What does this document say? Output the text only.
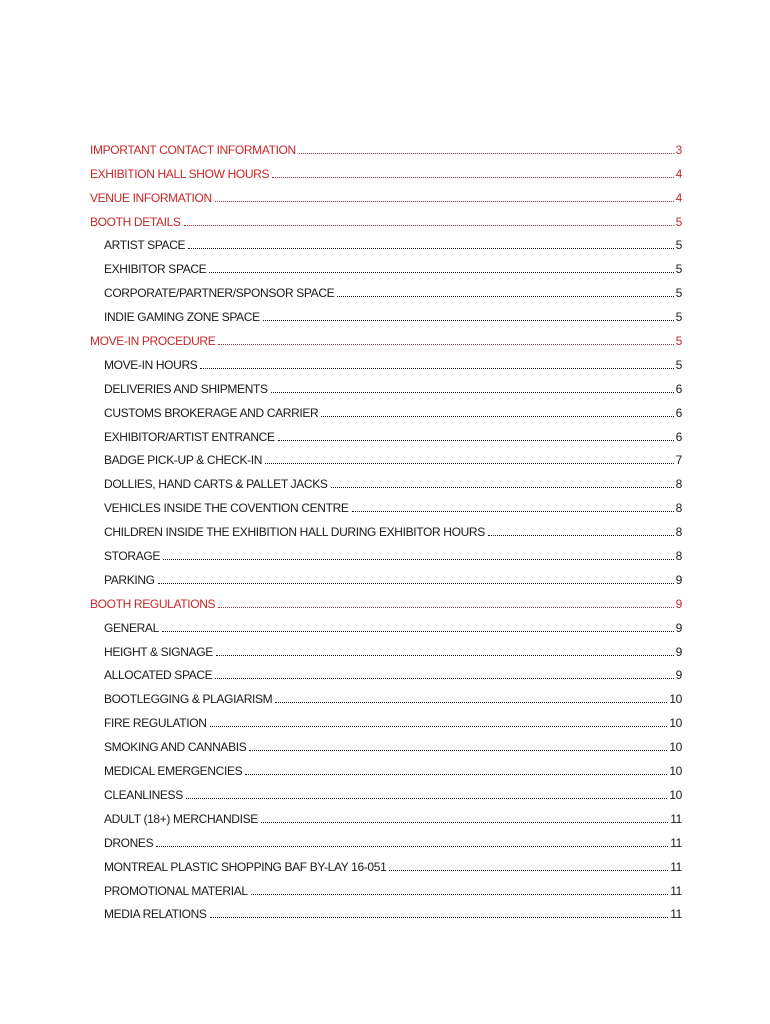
IMPORTANT CONTACT INFORMATION	3
EXHIBITION HALL SHOW HOURS	4
VENUE INFORMATION	4
BOOTH DETAILS	5
ARTIST SPACE	5
EXHIBITOR SPACE	5
CORPORATE/PARTNER/SPONSOR SPACE	5
INDIE GAMING ZONE SPACE	5
MOVE-IN PROCEDURE	5
MOVE-IN HOURS	5
DELIVERIES AND SHIPMENTS	6
CUSTOMS BROKERAGE AND CARRIER	6
EXHIBITOR/ARTIST ENTRANCE	6
BADGE PICK-UP & CHECK-IN	7
DOLLIES, HAND CARTS & PALLET JACKS	8
VEHICLES INSIDE THE COVENTION CENTRE	8
CHILDREN INSIDE THE EXHIBITION HALL DURING EXHIBITOR HOURS	8
STORAGE	8
PARKING	9
BOOTH REGULATIONS	9
GENERAL	9
HEIGHT & SIGNAGE	9
ALLOCATED SPACE	9
BOOTLEGGING & PLAGIARISM	10
FIRE REGULATION	10
SMOKING AND CANNABIS	10
MEDICAL EMERGENCIES	10
CLEANLINESS	10
ADULT (18+) MERCHANDISE	11
DRONES	11
MONTREAL PLASTIC SHOPPING BAF BY-LAY 16-051	11
PROMOTIONAL MATERIAL	11
MEDIA RELATIONS	11
